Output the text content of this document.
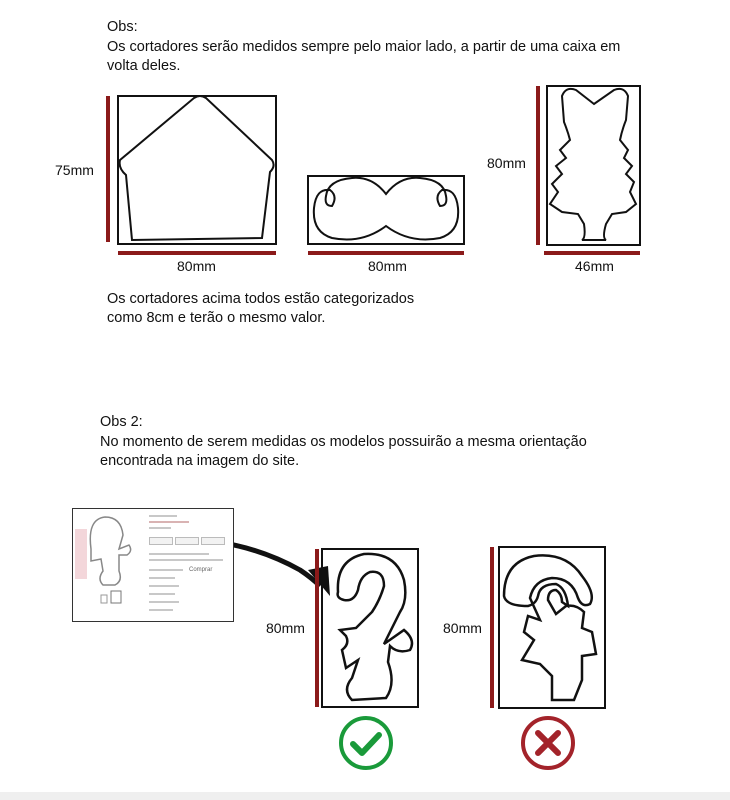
Obs:
Os cortadores serão medidos sempre pelo maior lado, a partir de uma caixa em
volta deles.
75mm
80mm	80mm
80mm
46mm
Os cortadores acima todos estão categorizados
como 8cm e terão o mesmo valor.
Obs 2:
No momento de serem medidas os modelos possuirão a mesma orientação
encontrada na imagem do site.
Comprar
80mm	80mm
